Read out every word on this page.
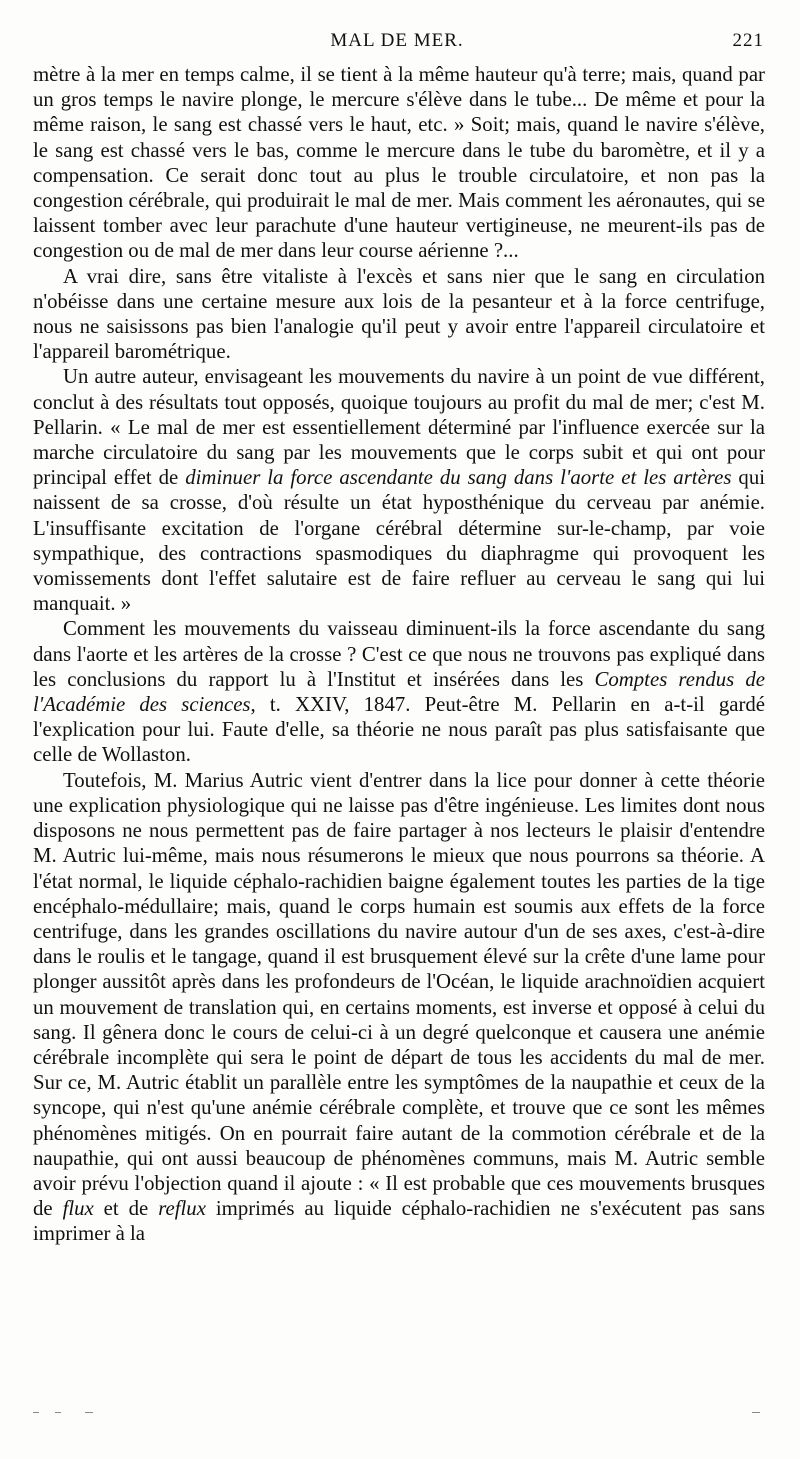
MAL DE MER.	221

mètre à la mer en temps calme, il se tient à la même hauteur qu'à terre; mais, quand par un gros temps le navire plonge, le mercure s'élève dans le tube... De même et pour la même raison, le sang est chassé vers le haut, etc. » Soit; mais, quand le navire s'élève, le sang est chassé vers le bas, comme le mercure dans le tube du baromètre, et il y a compensation. Ce serait donc tout au plus le trouble circulatoire, et non pas la congestion cérébrale, qui produirait le mal de mer. Mais comment les aéronautes, qui se laissent tomber avec leur parachute d'une hauteur vertigineuse, ne meurent-ils pas de congestion ou de mal de mer dans leur course aérienne ?...

A vrai dire, sans être vitaliste à l'excès et sans nier que le sang en circulation n'obéisse dans une certaine mesure aux lois de la pesanteur et à la force centrifuge, nous ne saisissons pas bien l'analogie qu'il peut y avoir entre l'appareil circulatoire et l'appareil barométrique.

Un autre auteur, envisageant les mouvements du navire à un point de vue différent, conclut à des résultats tout opposés, quoique toujours au profit du mal de mer; c'est M. Pellarin. « Le mal de mer est essentiellement déterminé par l'influence exercée sur la marche circulatoire du sang par les mouvements que le corps subit et qui ont pour principal effet de diminuer la force ascendante du sang dans l'aorte et les artères qui naissent de sa crosse, d'où résulte un état hyposthénique du cerveau par anémie. L'insuffisante excitation de l'organe cérébral détermine sur-le-champ, par voie sympathique, des contractions spasmodiques du diaphragme qui provoquent les vomissements dont l'effet salutaire est de faire refluer au cerveau le sang qui lui manquait. »

Comment les mouvements du vaisseau diminuent-ils la force ascendante du sang dans l'aorte et les artères de la crosse ? C'est ce que nous ne trouvons pas expliqué dans les conclusions du rapport lu à l'Institut et insérées dans les Comptes rendus de l'Académie des sciences, t. XXIV, 1847. Peut-être M. Pellarin en a-t-il gardé l'explication pour lui. Faute d'elle, sa théorie ne nous paraît pas plus satisfaisante que celle de Wollaston.

Toutefois, M. Marius Autric vient d'entrer dans la lice pour donner à cette théorie une explication physiologique qui ne laisse pas d'être ingénieuse. Les limites dont nous disposons ne nous permettent pas de faire partager à nos lecteurs le plaisir d'entendre M. Autric lui-même, mais nous résumerons le mieux que nous pourrons sa théorie. A l'état normal, le liquide céphalo-rachidien baigne également toutes les parties de la tige encéphalo-médullaire; mais, quand le corps humain est soumis aux effets de la force centrifuge, dans les grandes oscillations du navire autour d'un de ses axes, c'est-à-dire dans le roulis et le tangage, quand il est brusquement élevé sur la crête d'une lame pour plonger aussitôt après dans les profondeurs de l'Océan, le liquide arachnoïdien acquiert un mouvement de translation qui, en certains moments, est inverse et opposé à celui du sang. Il gênera donc le cours de celui-ci à un degré quelconque et causera une anémie cérébrale incomplète qui sera le point de départ de tous les accidents du mal de mer. Sur ce, M. Autric établit un parallèle entre les symptômes de la naupathie et ceux de la syncope, qui n'est qu'une anémie cérébrale complète, et trouve que ce sont les mêmes phénomènes mitigés. On en pourrait faire autant de la commotion cérébrale et de la naupathie, qui ont aussi beaucoup de phénomènes communs, mais M. Autric semble avoir prévu l'objection quand il ajoute : « Il est probable que ces mouvements brusques de flux et de reflux imprimés au liquide céphalo-rachidien ne s'exécutent pas sans imprimer à la
